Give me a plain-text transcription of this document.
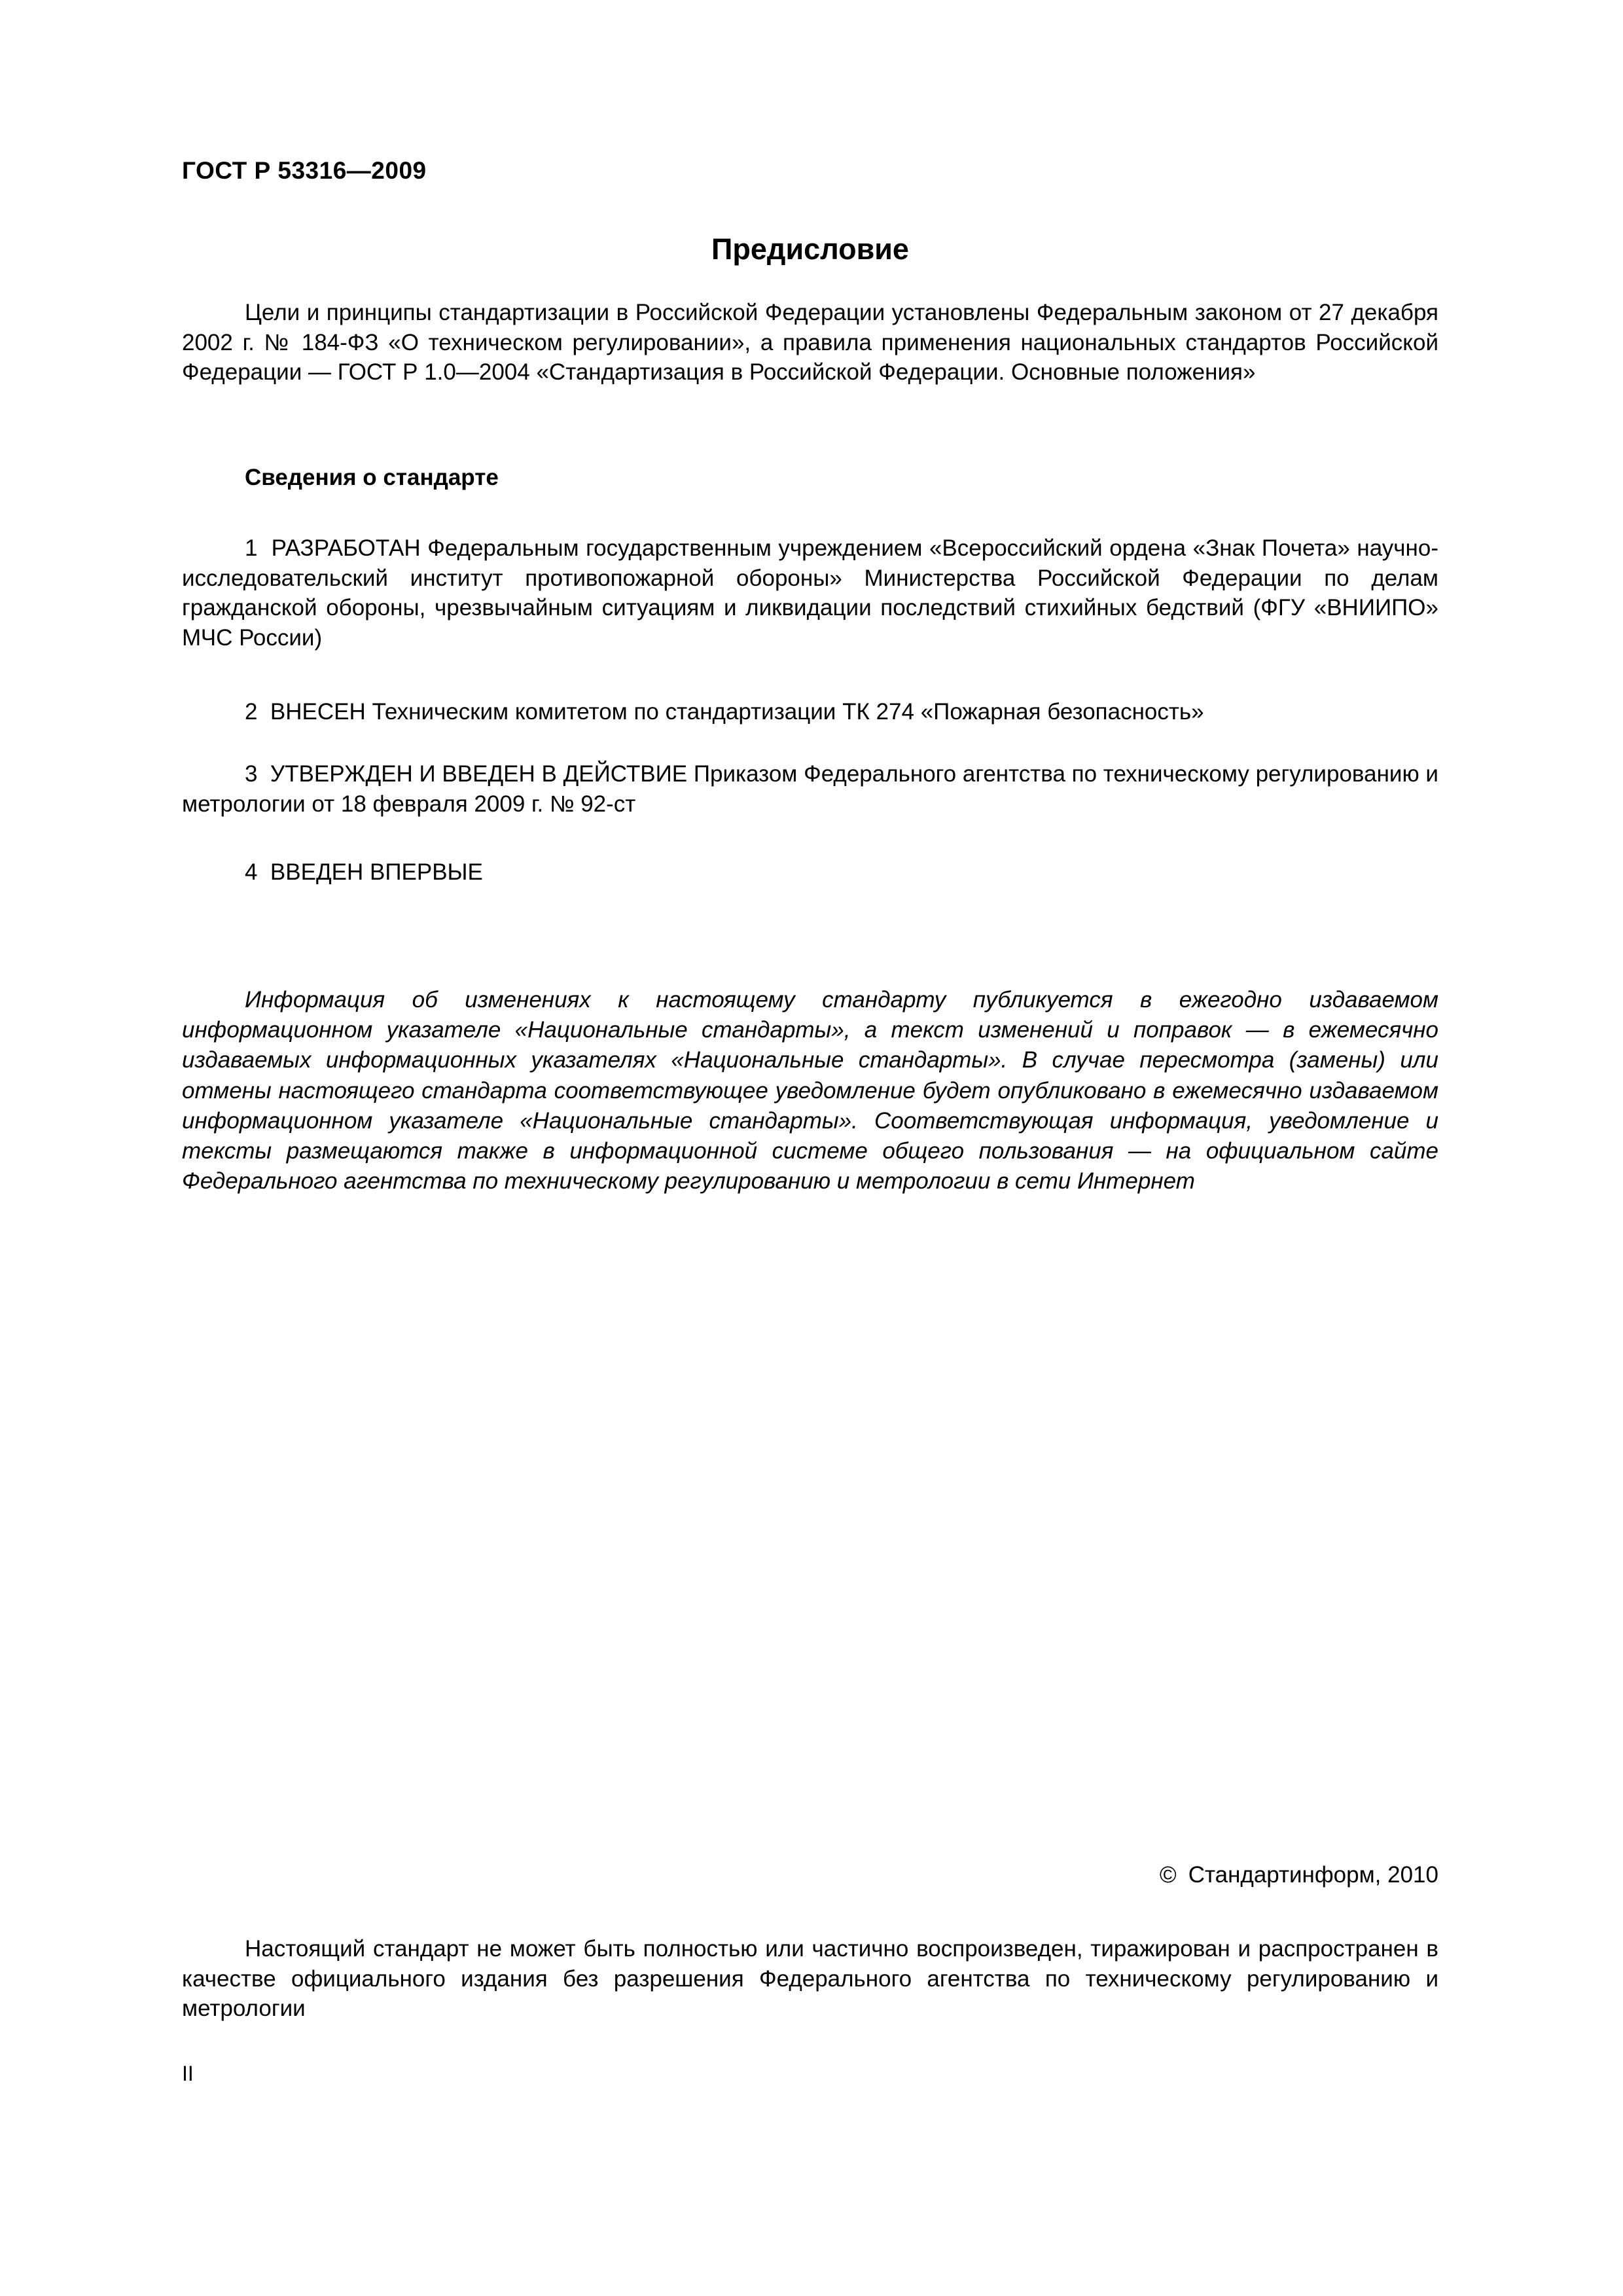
ГОСТ Р 53316—2009
Предисловие
Цели и принципы стандартизации в Российской Федерации установлены Федеральным законом от 27 декабря 2002 г. № 184-ФЗ «О техническом регулировании», а правила применения национальных стандартов Российской Федерации — ГОСТ Р 1.0—2004 «Стандартизация в Российской Федерации. Основные положения»
Сведения о стандарте
1 РАЗРАБОТАН Федеральным государственным учреждением «Всероссийский ордена «Знак Почета» научно-исследовательский институт противопожарной обороны» Министерства Российской Федерации по делам гражданской обороны, чрезвычайным ситуациям и ликвидации последствий стихийных бедствий (ФГУ «ВНИИПО» МЧС России)
2 ВНЕСЕН Техническим комитетом по стандартизации ТК 274 «Пожарная безопасность»
3 УТВЕРЖДЕН И ВВЕДЕН В ДЕЙСТВИЕ Приказом Федерального агентства по техническому регулированию и метрологии от 18 февраля 2009 г. № 92-ст
4 ВВЕДЕН ВПЕРВЫЕ
Информация об изменениях к настоящему стандарту публикуется в ежегодно издаваемом информационном указателе «Национальные стандарты», а текст изменений и поправок — в ежемесячно издаваемых информационных указателях «Национальные стандарты». В случае пересмотра (замены) или отмены настоящего стандарта соответствующее уведомление будет опубликовано в ежемесячно издаваемом информационном указателе «Национальные стандарты». Соответствующая информация, уведомление и тексты размещаются также в информационной системе общего пользования — на официальном сайте Федерального агентства по техническому регулированию и метрологии в сети Интернет
© Стандартинформ, 2010
Настоящий стандарт не может быть полностью или частично воспроизведен, тиражирован и распространен в качестве официального издания без разрешения Федерального агентства по техническому регулированию и метрологии
II
